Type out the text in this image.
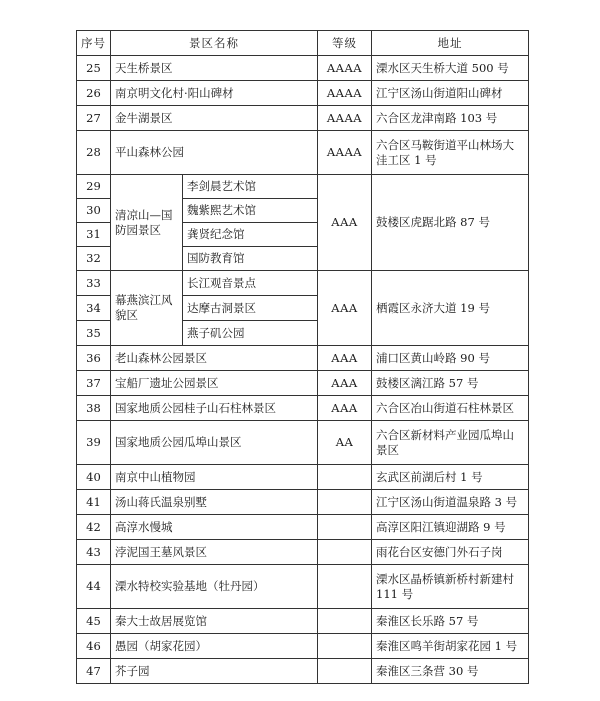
序号	景区名称		等级	地址
25	天生桥景区		AAAA	溧水区天生桥大道 500 号
26	南京明文化村·阳山碑材		AAAA	江宁区汤山街道阳山碑材
27	金牛湖景区		AAAA	六合区龙津南路 103 号
28	平山森林公园		AAAA	六合区马鞍街道平山林场大洼工区 1 号
29	清凉山—国防园景区	李剑晨艺术馆	AAA	鼓楼区虎踞北路 87 号
30		魏紫熙艺术馆		
31		龚贤纪念馆		
32		国防教育馆		
33	幕燕滨江风貌区	长江观音景点	AAA	栖霞区永济大道 19 号
34		达摩古洞景区		
35		燕子矶公园		
36	老山森林公园景区		AAA	浦口区黄山岭路 90 号
37	宝船厂遗址公园景区		AAA	鼓楼区漓江路 57 号
38	国家地质公园桂子山石柱林景区		AAA	六合区冶山街道石柱林景区
39	国家地质公园瓜埠山景区		AA	六合区新材料产业园瓜埠山景区
40	南京中山植物园			玄武区前湖后村 1 号
41	汤山蒋氏温泉别墅			江宁区汤山街道温泉路 3 号
42	高淳水慢城			高淳区阳江镇迎湖路 9 号
43	浡泥国王墓风景区			雨花台区安德门外石子岗
44	溧水特校实验基地（牡丹园）			溧水区晶桥镇新桥村新建村 111 号
45	秦大士故居展览馆			秦淮区长乐路 57 号
46	愚园（胡家花园）			秦淮区鸣羊街胡家花园 1 号
47	芥子园			秦淮区三条营 30 号
